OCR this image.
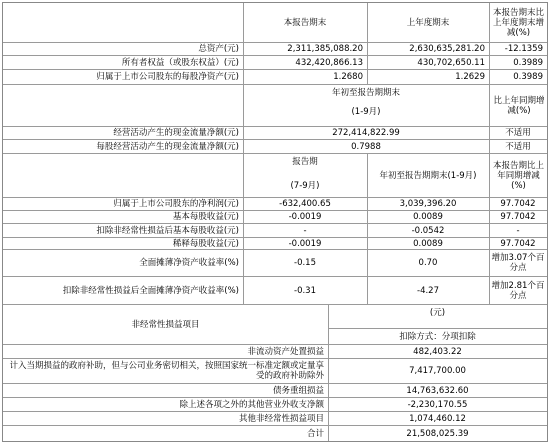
本报告期末	上年度期末
本报告期末比上年度期末增减(%)
总资产(元)	2,311,385,088.20	2,630,635,281.20	-12.1359
所有者权益（或股东权益）(元)	432,420,866.13	430,702,650.11	0.3989
归属于上市公司股东的每股净资产(元)	1.2680	1.2629	0.3989
年初至报告期期末
(1-9月)
比上年同期增减(%)
经营活动产生的现金流量净额(元)	272,414,822.99	不适用
每股经营活动产生的现金流量净额(元)	0.7988	不适用
报告期
(7-9月)
年初至报告期期末(1-9月)
本报告期比上年同期增减(%)
归属于上市公司股东的净利润(元)	-632,400.65	3,039,396.20	97.7042
基本每股收益(元)	-0.0019	0.0089	97.7042
扣除非经常性损益后基本每股收益(元)	-	-0.0542	-
稀释每股收益(元)	-0.0019	0.0089	97.7042
全面摊薄净资产收益率(%)	-0.15	0.70	增加3.07个百分点
扣除非经常性损益后全面摊薄净资产收益率(%)	-0.31	-4.27	增加2.81个百分点
非经常性损益项目
(元)
扣除方式：分项扣除
非流动资产处置损益	482,403.22
计入当期损益的政府补助，但与公司业务密切相关，按照国家统一标准定额或定量享受的政府补助除外	7,417,700.00
债务重组损益	14,763,632.60
除上述各项之外的其他营业外收支净额	-2,230,170.55
其他非经常性损益项目	1,074,460.12
合计	21,508,025.39
